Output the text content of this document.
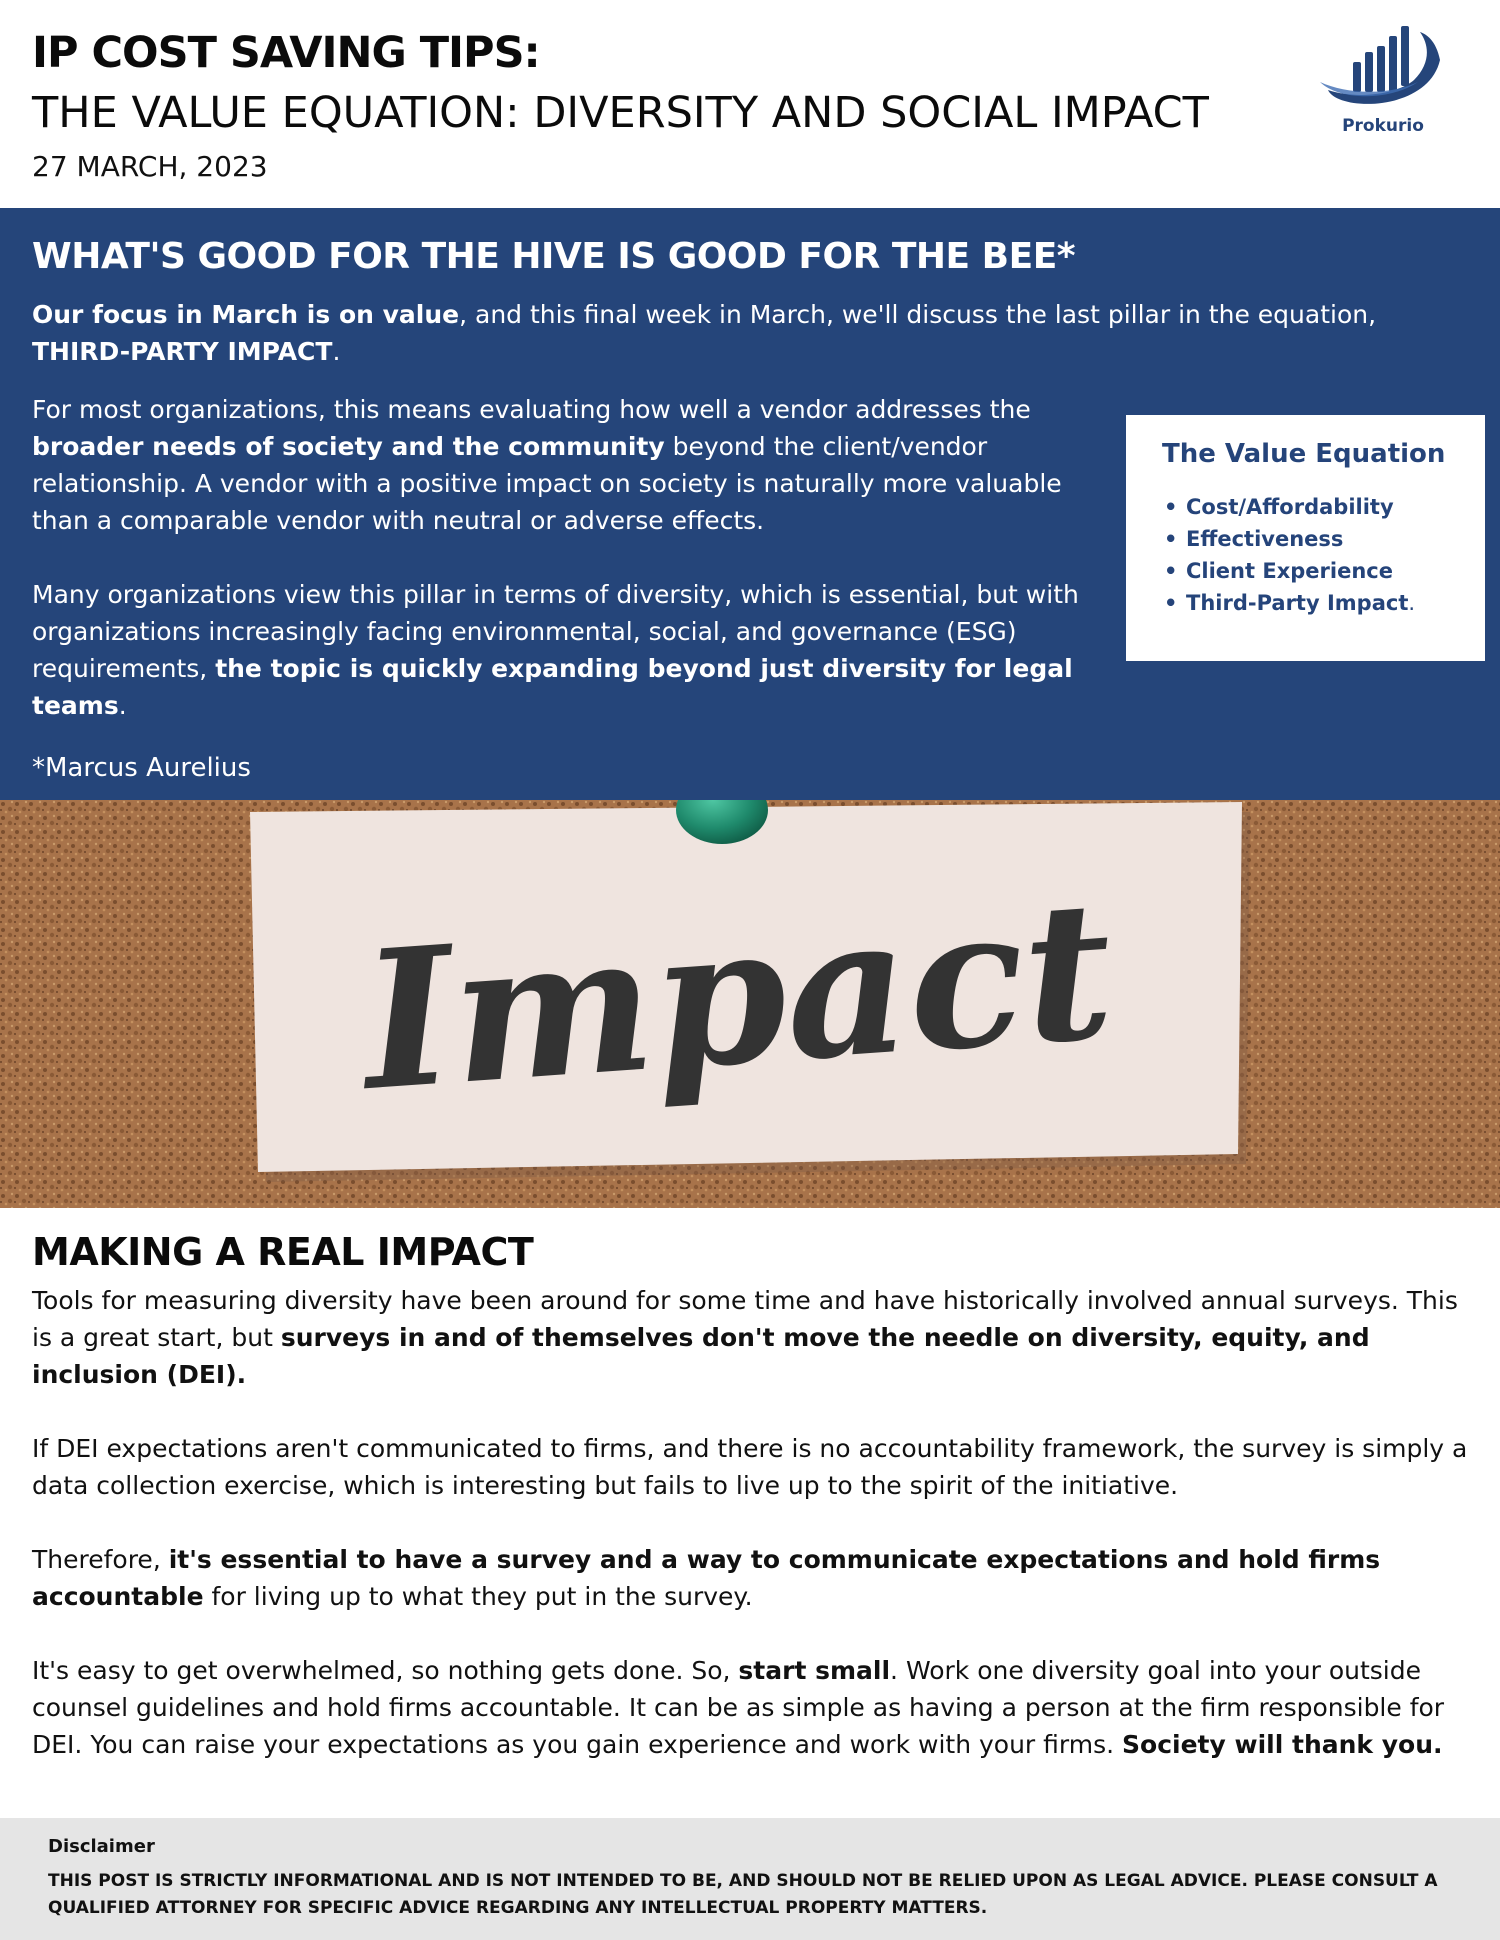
IP COST SAVING TIPS:
THE VALUE EQUATION: DIVERSITY AND SOCIAL IMPACT
27 MARCH, 2023
Prokurio
WHAT'S GOOD FOR THE HIVE IS GOOD FOR THE BEE*

Our focus in March is on value, and this final week in March, we'll discuss the last pillar in the equation, THIRD-PARTY IMPACT.

For most organizations, this means evaluating how well a vendor addresses the broader needs of society and the community beyond the client/vendor relationship. A vendor with a positive impact on society is naturally more valuable than a comparable vendor with neutral or adverse effects.

Many organizations view this pillar in terms of diversity, which is essential, but with organizations increasingly facing environmental, social, and governance (ESG) requirements, the topic is quickly expanding beyond just diversity for legal teams.

*Marcus Aurelius
The Value Equation
• Cost/Affordability
• Effectiveness
• Client Experience
• Third-Party Impact.
Impact
MAKING A REAL IMPACT

Tools for measuring diversity have been around for some time and have historically involved annual surveys. This is a great start, but surveys in and of themselves don't move the needle on diversity, equity, and inclusion (DEI).

If DEI expectations aren't communicated to firms, and there is no accountability framework, the survey is simply a data collection exercise, which is interesting but fails to live up to the spirit of the initiative.

Therefore, it's essential to have a survey and a way to communicate expectations and hold firms accountable for living up to what they put in the survey.

It's easy to get overwhelmed, so nothing gets done. So, start small. Work one diversity goal into your outside counsel guidelines and hold firms accountable. It can be as simple as having a person at the firm responsible for DEI. You can raise your expectations as you gain experience and work with your firms. Society will thank you.

Disclaimer

THIS POST IS STRICTLY INFORMATIONAL AND IS NOT INTENDED TO BE, AND SHOULD NOT BE RELIED UPON AS LEGAL ADVICE. PLEASE CONSULT A QUALIFIED ATTORNEY FOR SPECIFIC ADVICE REGARDING ANY INTELLECTUAL PROPERTY MATTERS.
